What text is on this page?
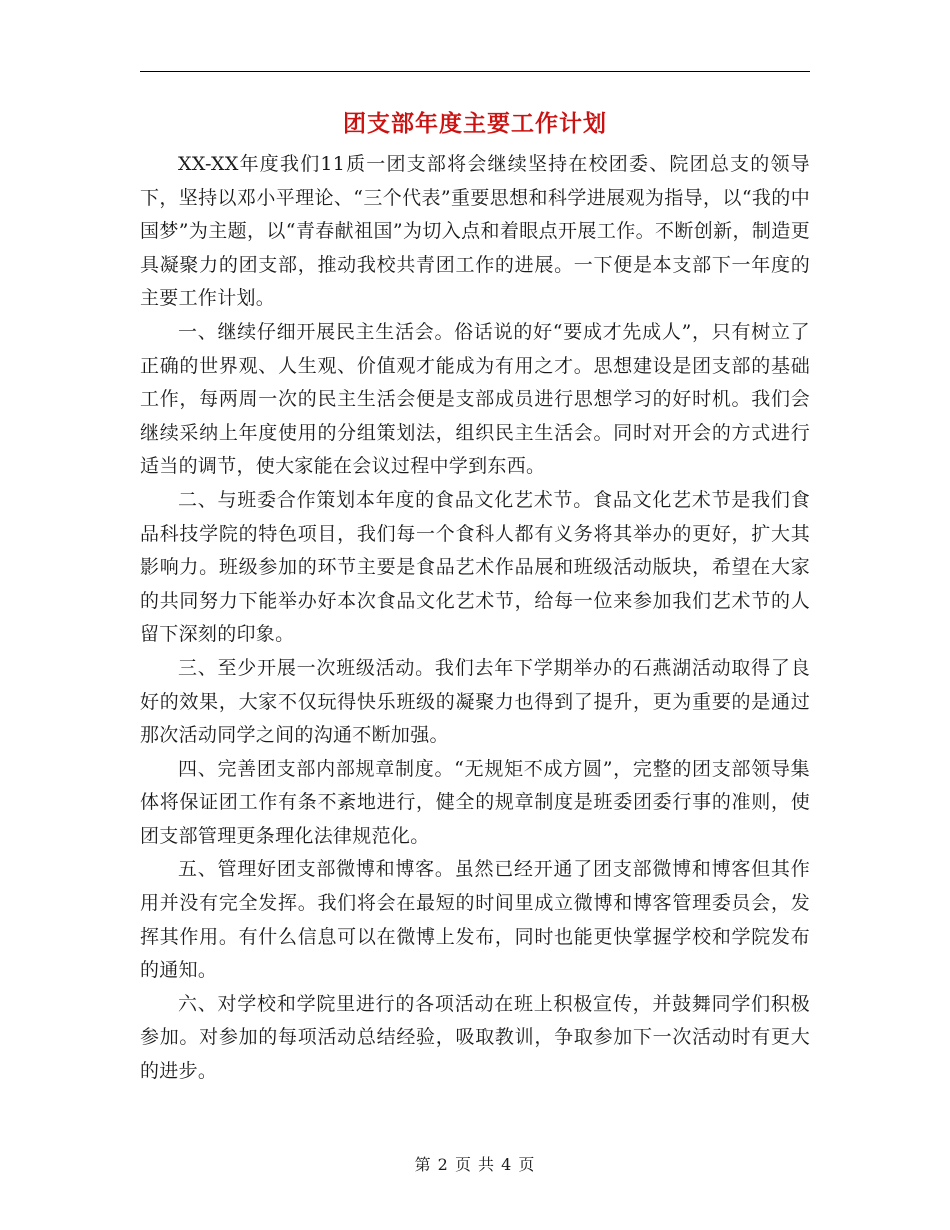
团支部年度主要工作计划

XX-XX年度我们11质一团支部将会继续坚持在校团委、院团总支的领导下，坚持以邓小平理论、“三个代表”重要思想和科学进展观为指导，以“我的中国梦”为主题，以“青春献祖国”为切入点和着眼点开展工作。不断创新，制造更具凝聚力的团支部，推动我校共青团工作的进展。一下便是本支部下一年度的主要工作计划。

一、继续仔细开展民主生活会。俗话说的好“要成才先成人”，只有树立了正确的世界观、人生观、价值观才能成为有用之才。思想建设是团支部的基础工作，每两周一次的民主生活会便是支部成员进行思想学习的好时机。我们会继续采纳上年度使用的分组策划法，组织民主生活会。同时对开会的方式进行适当的调节，使大家能在会议过程中学到东西。

二、与班委合作策划本年度的食品文化艺术节。食品文化艺术节是我们食品科技学院的特色项目，我们每一个食科人都有义务将其举办的更好，扩大其影响力。班级参加的环节主要是食品艺术作品展和班级活动版块，希望在大家的共同努力下能举办好本次食品文化艺术节，给每一位来参加我们艺术节的人留下深刻的印象。

三、至少开展一次班级活动。我们去年下学期举办的石燕湖活动取得了良好的效果，大家不仅玩得快乐班级的凝聚力也得到了提升，更为重要的是通过那次活动同学之间的沟通不断加强。

四、完善团支部内部规章制度。“无规矩不成方圆”，完整的团支部领导集体将保证团工作有条不紊地进行，健全的规章制度是班委团委行事的准则，使团支部管理更条理化法律规范化。

五、管理好团支部微博和博客。虽然已经开通了团支部微博和博客但其作用并没有完全发挥。我们将会在最短的时间里成立微博和博客管理委员会，发挥其作用。有什么信息可以在微博上发布，同时也能更快掌握学校和学院发布的通知。

六、对学校和学院里进行的各项活动在班上积极宣传，并鼓舞同学们积极参加。对参加的每项活动总结经验，吸取教训，争取参加下一次活动时有更大的进步。

第 2 页 共 4 页
